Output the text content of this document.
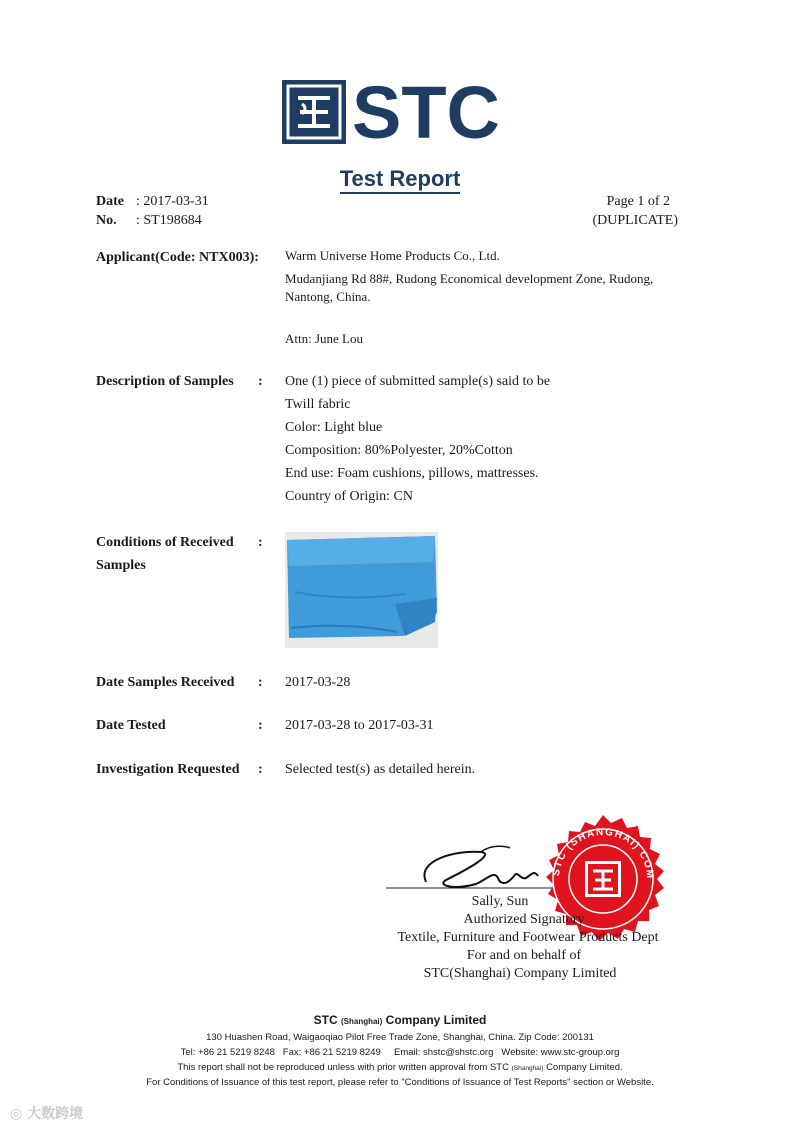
STC
Test Report
Date : 2017-03-31
No. : ST198684
Page 1 of 2
(DUPLICATE)
Applicant(Code: NTX003): Warm Universe Home Products Co., Ltd.
Mudanjiang Rd 88#, Rudong Economical development Zone, Rudong,
Nantong, China.
Attn: June Lou
Description of Samples : One (1) piece of submitted sample(s) said to be
Twill fabric
Color: Light blue
Composition: 80%Polyester, 20%Cotton
End use: Foam cushions, pillows, mattresses.
Country of Origin: CN
Conditions of Received
Samples
:
Date Samples Received : 2017-03-28
Date Tested	: 2017-03-28 to 2017-03-31
Investigation Requested : Selected test(s) as detailed herein.
STC (SHANGHAI) COM
Sally, Sun
Authorized Signatory
Textile, Furniture and Footwear Products Dept
For and on behalf of
STC(Shanghai) Company Limited
STC (Shanghai) Company Limited
130 Huashen Road, Waigaoqiao Pilot Free Trade Zone, Shanghai, China. Zip Code: 200131
Tel: +86 21 5219 8248   Fax: +86 21 5219 8249     Email: shstc@shstc.org   Website: www.stc-group.org
This report shall not be reproduced unless with prior written approval from STC (Shanghai) Company Limited.
For Conditions of Issuance of this test report, please refer to "Conditions of Issuance of Test Reports" section or Website.
◎ 大数跨境
